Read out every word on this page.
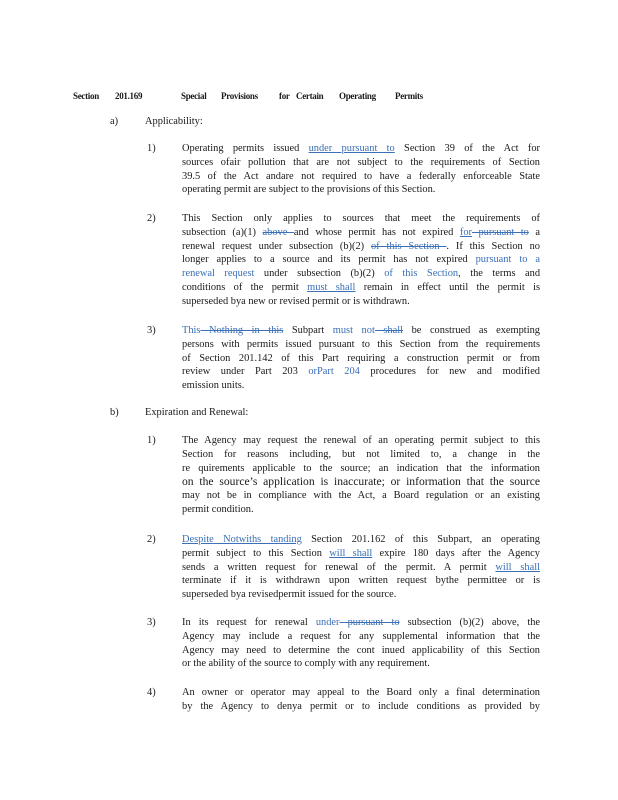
Section 201.169	Special Provisions for Certain Operating Permits
a)	Applicability:
1)	Operating permits issued under pursuant to Section 39 of the Act for
sources ofair pollution that are not subject to the requirements of Section
39.5 of the Act andare not required to have a federally enforceable State
operating permit are subject to the provisions of this Section.
2)	This Section only applies to sources that meet the requirements of
subsection (a)(1) above and whose permit has not expired for pursuant to a
renewal request under subsection (b)(2) of this Section . If this Section no
longer applies to a source and its permit has not expired pursuant to a
renewal request under subsection (b)(2) of this Section, the terms and
conditions of the permit must shall remain in effect until the permit is
superseded bya new or revised permit or is withdrawn.
3)	This Nothing in this Subpart must not shall be construed as exempting
persons with permits issued pursuant to this Section from the requirements
of Section 201.142 of this Part requiring a construction permit or from
review under Part 203 orPart 204 procedures for new and modified
emission units.
b)	Expiration and Renewal:
1)	The Agency may request the renewal of an operating permit subject to this
Section for reasons including, but not limited to, a change in the
re quirements applicable to the source; an indication that the information
on the source’s application is inaccurate; or information that the source
may not be in compliance with the Act, a Board regulation or an existing
permit condition.
2)	Despite Notwiths tanding Section 201.162 of this Subpart, an operating
permit subject to this Section will shall expire 180 days after the Agency
sends a written request for renewal of the permit. A permit will shall
terminate if it is withdrawn upon written request bythe permittee or is
superseded bya revisedpermit issued for the source.
3)	In its request for renewal under pursuant to subsection (b)(2) above, the
Agency may include a request for any supplemental information that the
Agency may need to determine the cont inued applicability of this Section
or the ability of the source to comply with any requirement.
4)	An owner or operator may appeal to the Board only a final determination
by the Agency to denya permit or to include conditions as provided by
